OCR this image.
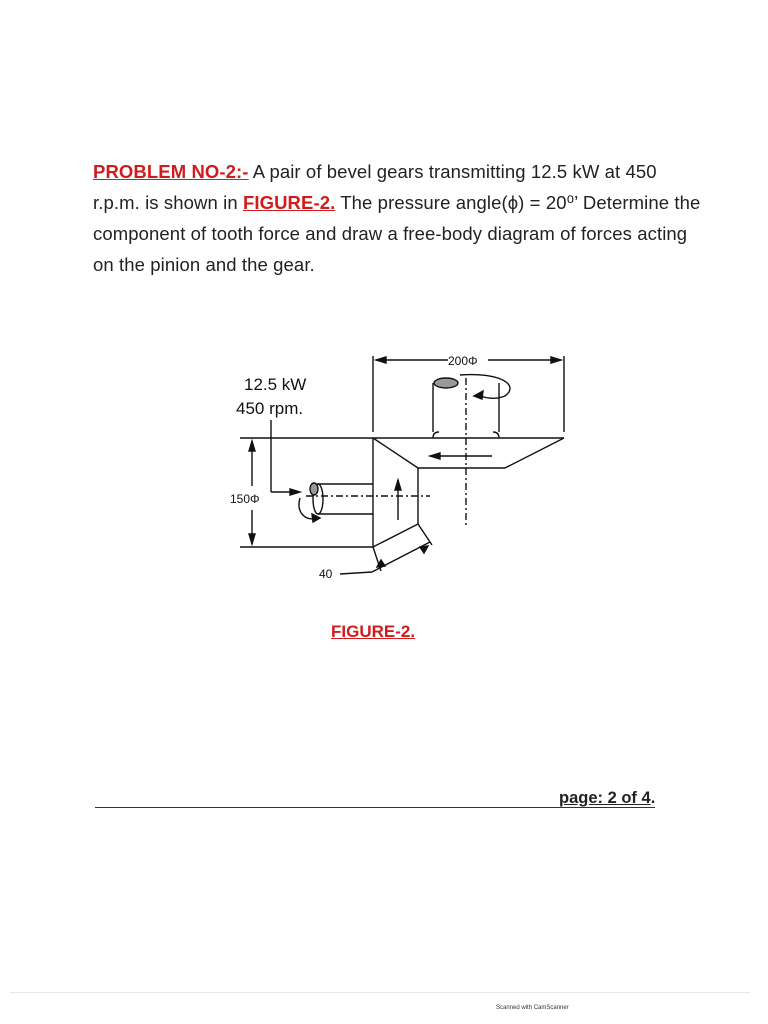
PROBLEM NO-2:- A pair of bevel gears transmitting 12.5 kW at 450 r.p.m. is shown in FIGURE-2. The pressure angle(ϕ) = 20⁰’ Determine the component of tooth force and draw a free-body diagram of forces acting on the pinion and the gear.
200Φ
12.5 kW
450 rpm.
150Φ
40
FIGURE-2.
page: 2 of 4.
Scanned with CamScanner
